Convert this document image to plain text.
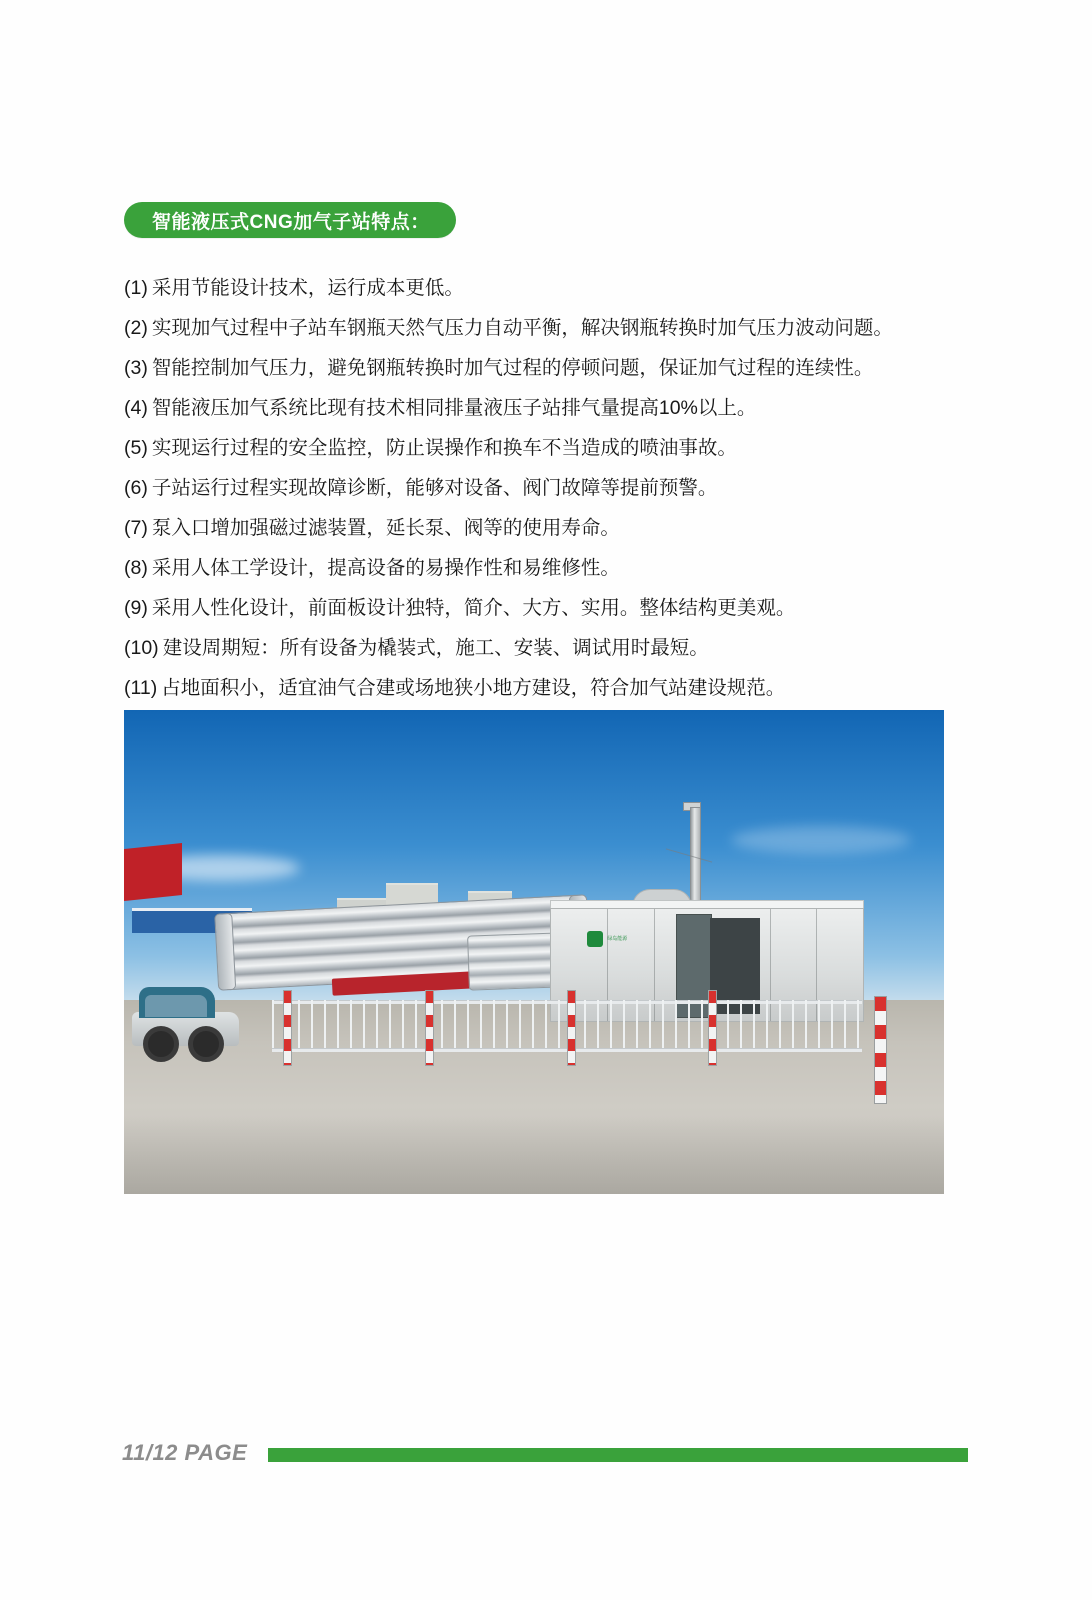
智能液压式CNG加气子站特点：
(1) 采用节能设计技术，运行成本更低。
(2) 实现加气过程中子站车钢瓶天然气压力自动平衡，解决钢瓶转换时加气压力波动问题。
(3) 智能控制加气压力，避免钢瓶转换时加气过程的停顿问题，保证加气过程的连续性。
(4) 智能液压加气系统比现有技术相同排量液压子站排气量提高10%以上。
(5) 实现运行过程的安全监控，防止误操作和换车不当造成的喷油事故。
(6) 子站运行过程实现故障诊断，能够对设备、阀门故障等提前预警。
(7) 泵入口增加强磁过滤装置，延长泵、阀等的使用寿命。
(8) 采用人体工学设计，提高设备的易操作性和易维修性。
(9) 采用人性化设计，前面板设计独特，简介、大方、实用。整体结构更美观。
(10) 建设周期短：所有设备为橇装式，施工、安装、调试用时最短。
(11) 占地面积小，适宜油气合建或场地狭小地方建设，符合加气站建设规范。
绿岛能源
11/12 PAGE
